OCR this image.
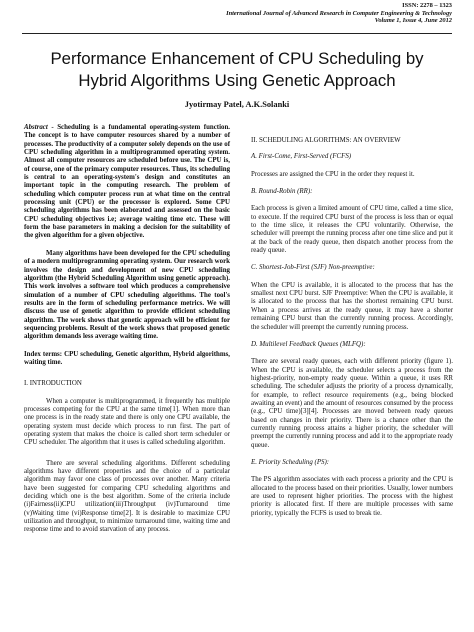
ISSN: 2278 – 1323
International Journal of Advanced Research in Computer Engineering & Technology
Volume 1, Issue 4, June 2012
Performance Enhancement of CPU Scheduling by
Hybrid Algorithms Using Genetic Approach
Jyotirmay Patel, A.K.Solanki

Abstract - Scheduling is a fundamental operating-system function. The concept is to have computer resources shared by a number of processes. The productivity of a computer solely depends on the use of CPU scheduling algorithm in a multiprogrammed operating system. Almost all computer resources are scheduled before use. The CPU is, of course, one of the primary computer resources. Thus, its scheduling is central to an operating-system's design and constitutes an important topic in the computing research. The problem of scheduling which computer process run at what time on the central processing unit (CPU) or the processor is explored. Some CPU scheduling algorithms has been elaborated and assessed on the basic CPU scheduling objectives i.e; average waiting time etc. These will form the base parameters in making a decision for the suitability of the given algorithm for a given objective.

Many algorithms have been developed for the CPU scheduling of a modern multiprogramming operating system. Our research work involves the design and development of new CPU scheduling algorithm (the Hybrid Scheduling Algorithm using genetic approach). This work involves a software tool which produces a comprehensive simulation of a number of CPU scheduling algorithms. The tool's results are in the form of scheduling performance metrics. We will discuss the use of genetic algorithm to provide efficient scheduling algorithm. The work shows that genetic approach will be efficient for sequencing problems. Result of the work shows that proposed genetic algorithm demands less average waiting time.

Index terms: CPU scheduling, Genetic algorithm, Hybrid algorithms, waiting time.

I. INTRODUCTION

When a computer is multiprogrammed, it frequently has multiple processes competing for the CPU at the same time[1]. When more than one process is in the ready state and there is only one CPU available, the operating system must decide which process to run first. The part of operating system that makes the choice is called short term scheduler or CPU scheduler. The algorithm that it uses is called scheduling algorithm.

There are several scheduling algorithms. Different scheduling algorithms have different properties and the choice of a particular algorithm may favor one class of processes over another. Many criteria have been suggested for comparing CPU scheduling algorithms and deciding which one is the best algorithm. Some of the criteria include (i)Fairness(ii)CPU utilization(iii)Throughput (iv)Turnaround time (v)Waiting time (vi)Response time[2]. It is desirable to maximize CPU utilization and throughput, to minimize turnaround time, waiting time and response time and to avoid starvation of any process.

II. SCHEDULING ALGORITHMS: AN OVERVIEW

A. First-Come, First-Served (FCFS)

Processes are assigned the CPU in the order they request it.

B. Round-Robin (RR):

Each process is given a limited amount of CPU time, called a time slice, to execute. If the required CPU burst of the process is less than or equal to the time slice, it releases the CPU voluntarily. Otherwise, the scheduler will preempt the running process after one time slice and put it at the back of the ready queue, then dispatch another process from the ready queue.

C. Shortest-Job-First (SJF) Non-preemptive:

When the CPU is available, it is allocated to the process that has the smallest next CPU burst. SJF Preemptive: When the CPU is available, it is allocated to the process that has the shortest remaining CPU burst. When a process arrives at the ready queue, it may have a shorter remaining CPU burst than the currently running process. Accordingly, the scheduler will preempt the currently running process.

D. Multilevel Feedback Queues (MLFQ):

There are several ready queues, each with different priority (figure 1). When the CPU is available, the scheduler selects a process from the highest-priority, non-empty ready queue. Within a queue, it uses RR scheduling. The scheduler adjusts the priority of a process dynamically, for example, to reflect resource requirements (e.g., being blocked awaiting an event) and the amount of resources consumed by the process (e.g., CPU time)[3][4]. Processes are moved between ready queues based on changes in their priority. There is a chance other than the currently running process attains a higher priority, the scheduler will preempt the currently running process and add it to the appropriate ready queue.

E. Priority Scheduling (PS):

The PS algorithm associates with each process a priority and the CPU is allocated to the process based on their priorities. Usually, lower numbers are used to represent higher priorities. The process with the highest priority is allocated first. If there are multiple processes with same priority, typically the FCFS is used to break tie.
